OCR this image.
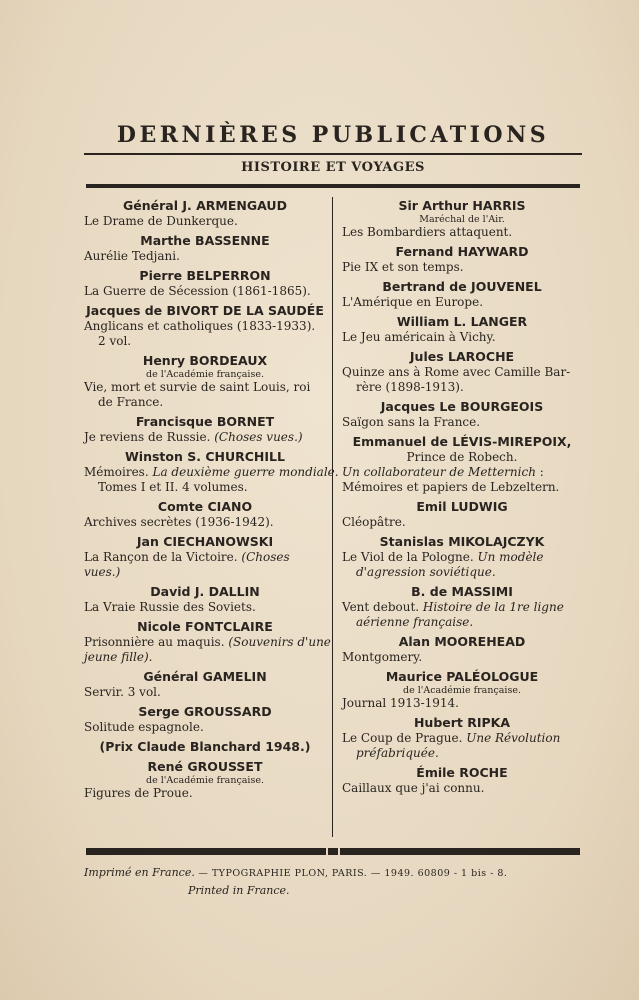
DERNIÈRES PUBLICATIONS
HISTOIRE ET VOYAGES
Général J. ARMENGAUD
Le Drame de Dunkerque.
Marthe BASSENNE
Aurélie Tedjani.
Pierre BELPERRON
La Guerre de Sécession (1861-1865).
Jacques de BIVORT DE LA SAUDÉE
Anglicans et catholiques (1833-1933).
2 vol.
Henry BORDEAUX
de l'Académie française.
Vie, mort et survie de saint Louis, roi
de France.
Francisque BORNET
Je reviens de Russie. (Choses vues.)
Winston S. CHURCHILL
Mémoires. La deuxième guerre mondiale.
Tomes I et II. 4 volumes.
Comte CIANO
Archives secrètes (1936-1942).
Jan CIECHANOWSKI
La Rançon de la Victoire. (Choses
vues.)
David J. DALLIN
La Vraie Russie des Soviets.
Nicole FONTCLAIRE
Prisonnière au maquis. (Souvenirs d'une
jeune fille).
Général GAMELIN
Servir. 3 vol.
Serge GROUSSARD
Solitude espagnole.
(Prix Claude Blanchard 1948.)
René GROUSSET
de l'Académie française.
Figures de Proue.
Sir Arthur HARRIS
Maréchal de l'Air.
Les Bombardiers attaquent.
Fernand HAYWARD
Pie IX et son temps.
Bertrand de JOUVENEL
L'Amérique en Europe.
William L. LANGER
Le Jeu américain à Vichy.
Jules LAROCHE
Quinze ans à Rome avec Camille Bar-
rère (1898-1913).
Jacques Le BOURGEOIS
Saïgon sans la France.
Emmanuel de LÉVIS-MIREPOIX,
Prince de Robech.
Un collaborateur de Metternich :
Mémoires et papiers de Lebzeltern.
Emil LUDWIG
Cléopâtre.
Stanislas MIKOLAJCZYK
Le Viol de la Pologne. Un modèle
d'agression soviétique.
B. de MASSIMI
Vent debout. Histoire de la 1re ligne
aérienne française.
Alan MOOREHEAD
Montgomery.
Maurice PALÉOLOGUE
de l'Académie française.
Journal 1913-1914.
Hubert RIPKA
Le Coup de Prague. Une Révolution
préfabriquée.
Émile ROCHE
Caillaux que j'ai connu.
Imprimé en France. — TYPOGRAPHIE PLON, PARIS. — 1949. 60809 - 1 bis - 8.
Printed in France.
